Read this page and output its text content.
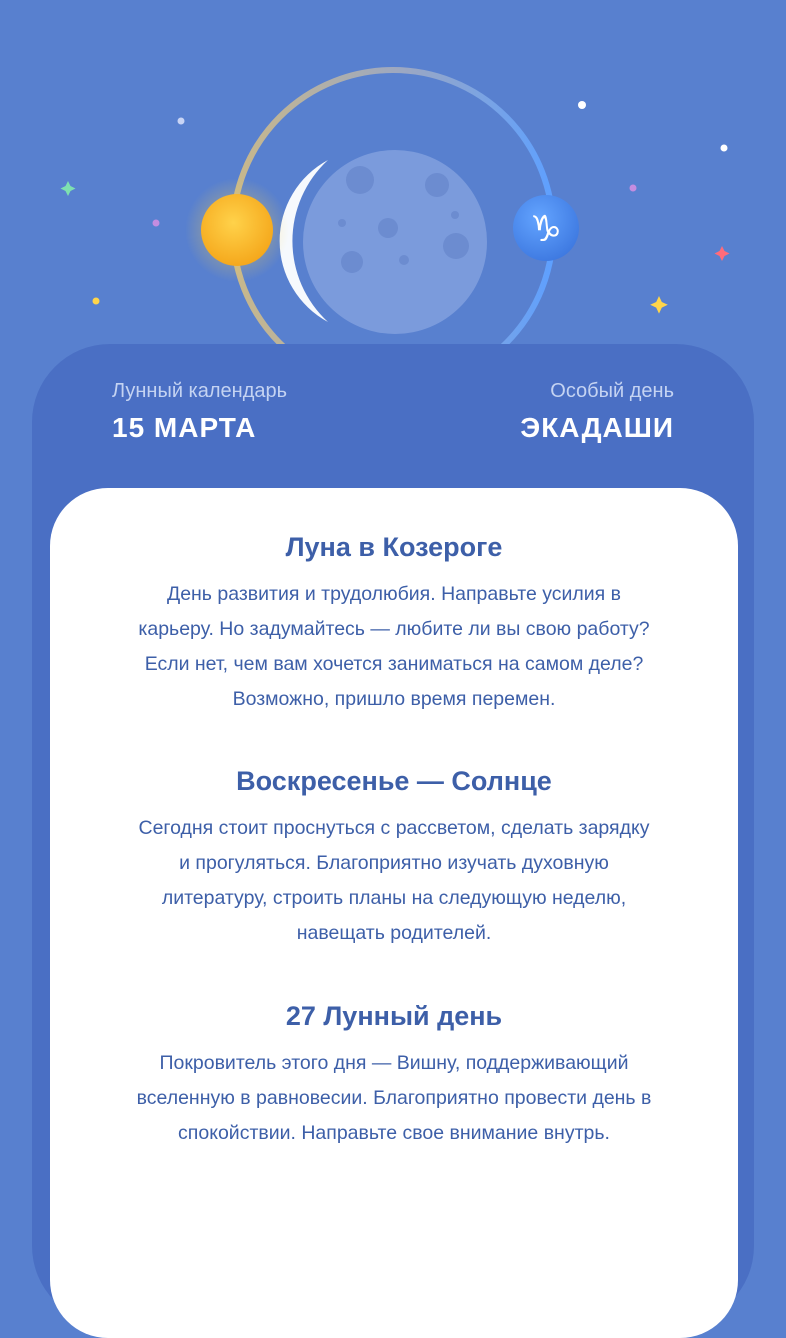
♑
Лунный календарь
15 МАРТА
Особый день
ЭКАДАШИ
Луна в Козероге

День развития и трудолюбия. Направьте усилия в карьеру. Но задумайтесь — любите ли вы свою работу? Если нет, чем вам хочется заниматься на самом деле? Возможно, пришло время перемен.

Воскресенье — Солнце

Сегодня стоит проснуться с рассветом, сделать зарядку и прогуляться. Благоприятно изучать духовную литературу, строить планы на следующую неделю, навещать родителей.

27 Лунный день

Покровитель этого дня — Вишну, поддерживающий вселенную в равновесии. Благоприятно провести день в спокойствии. Направьте свое внимание внутрь.
